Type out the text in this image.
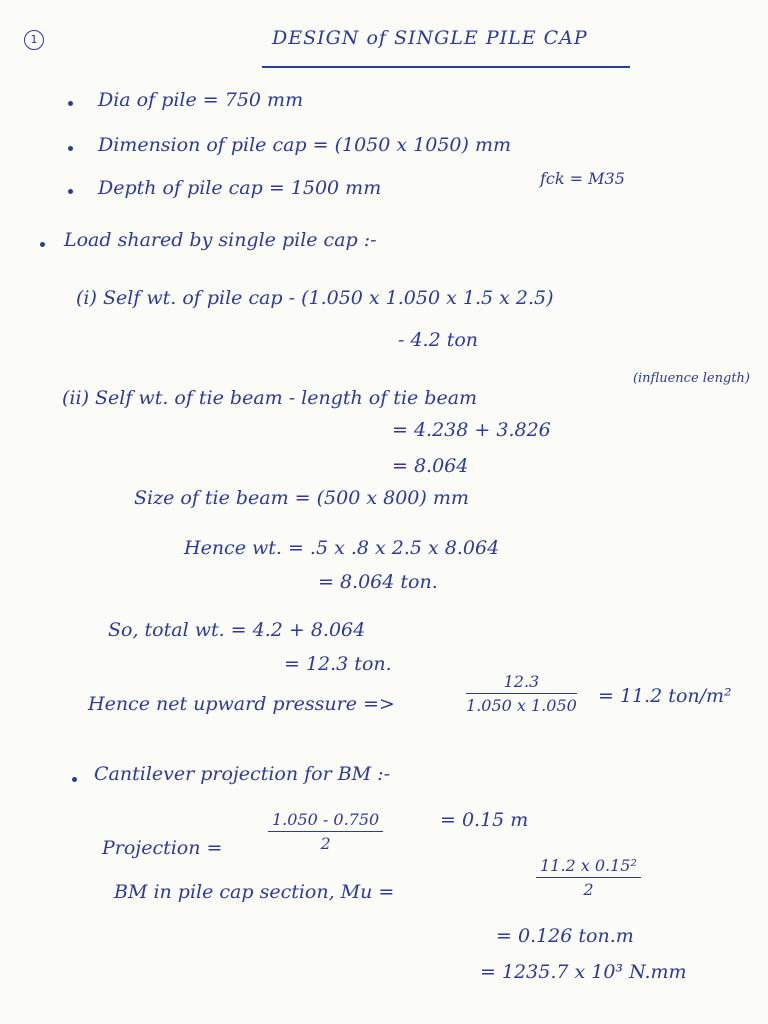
1	DESIGN of SINGLE PILE CAP
Dia of pile = 750 mm
Dimension of pile cap = (1050 x 1050) mm
Depth of pile cap = 1500 mm	fck = M35
Load shared by single pile cap :-
(i) Self wt. of pile cap - (1.050 x 1.050 x 1.5 x 2.5)
- 4.2 ton
(ii) Self wt. of tie beam - length of tie beam
(influence length)
= 4.238 + 3.826
= 8.064
Size of tie beam = (500 x 800) mm
Hence wt. = .5 x .8 x 2.5 x 8.064
= 8.064 ton.
So, total wt. = 4.2 + 8.064
= 12.3 ton.
Hence net upward pressure =>	$\frac{12.3}{1.050 x 1.050} = 11.2$ ton/m²
Cantilever projection for BM :-
Projection =	$\frac{1.050 - 0.750}{2}$	= 0.15 m
BM in pile cap section, Mu =	$\frac{\text{11.2 x 0.15²}}{2}$
= 0.126 ton.m
= 1235.7 x 10³ N.mm
